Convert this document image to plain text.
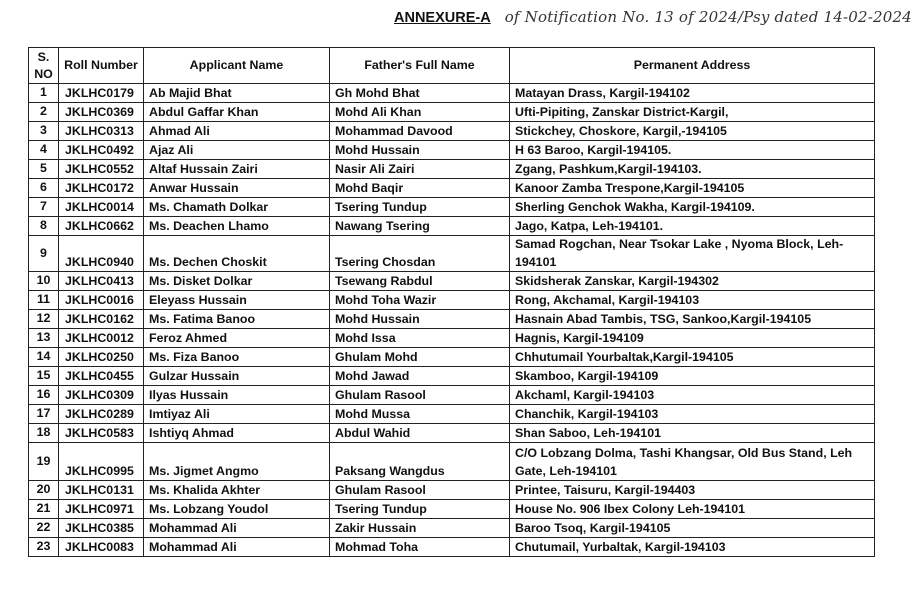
ANNEXURE-A of Notification No. 13 of 2024/Psy dated 14-02-2024
S. NO	Roll Number	Applicant Name	Father's Full Name	Permanent Address
1	JKLHC0179	Ab Majid Bhat	Gh Mohd Bhat	Matayan Drass, Kargil-194102
2	JKLHC0369	Abdul Gaffar Khan	Mohd Ali Khan	Ufti-Pipiting, Zanskar District-Kargil,
3	JKLHC0313	Ahmad Ali	Mohammad Davood	Stickchey, Choskore, Kargil,-194105
4	JKLHC0492	Ajaz Ali	Mohd Hussain	H 63 Baroo, Kargil-194105.
5	JKLHC0552	Altaf Hussain Zairi	Nasir Ali Zairi	Zgang, Pashkum,Kargil-194103.
6	JKLHC0172	Anwar Hussain	Mohd Baqir	Kanoor Zamba Trespone,Kargil-194105
7	JKLHC0014	Ms. Chamath Dolkar	Tsering Tundup	Sherling Genchok Wakha, Kargil-194109.
8	JKLHC0662	Ms. Deachen Lhamo	Nawang Tsering	Jago, Katpa, Leh-194101.
9	JKLHC0940	Ms. Dechen Choskit	Tsering Chosdan	Samad Rogchan, Near Tsokar Lake , Nyoma Block, Leh-194101
10	JKLHC0413	Ms. Disket Dolkar	Tsewang Rabdul	Skidsherak Zanskar, Kargil-194302
11	JKLHC0016	Eleyass Hussain	Mohd Toha Wazir	Rong, Akchamal, Kargil-194103
12	JKLHC0162	Ms. Fatima Banoo	Mohd Hussain	Hasnain Abad Tambis, TSG, Sankoo,Kargil-194105
13	JKLHC0012	Feroz Ahmed	Mohd Issa	Hagnis, Kargil-194109
14	JKLHC0250	Ms. Fiza Banoo	Ghulam Mohd	Chhutumail Yourbaltak,Kargil-194105
15	JKLHC0455	Gulzar Hussain	Mohd Jawad	Skamboo, Kargil-194109
16	JKLHC0309	Ilyas Hussain	Ghulam Rasool	Akchaml, Kargil-194103
17	JKLHC0289	Imtiyaz Ali	Mohd Mussa	Chanchik, Kargil-194103
18	JKLHC0583	Ishtiyq Ahmad	Abdul Wahid	Shan Saboo, Leh-194101
19	JKLHC0995	Ms. Jigmet Angmo	Paksang Wangdus	C/O Lobzang Dolma, Tashi Khangsar, Old Bus Stand, Leh Gate, Leh-194101
20	JKLHC0131	Ms. Khalida Akhter	Ghulam Rasool	Printee, Taisuru, Kargil-194403
21	JKLHC0971	Ms. Lobzang Youdol	Tsering Tundup	House No. 906 Ibex Colony Leh-194101
22	JKLHC0385	Mohammad Ali	Zakir Hussain	Baroo Tsoq, Kargil-194105
23	JKLHC0083	Mohammad Ali	Mohmad Toha	Chutumail, Yurbaltak, Kargil-194103
